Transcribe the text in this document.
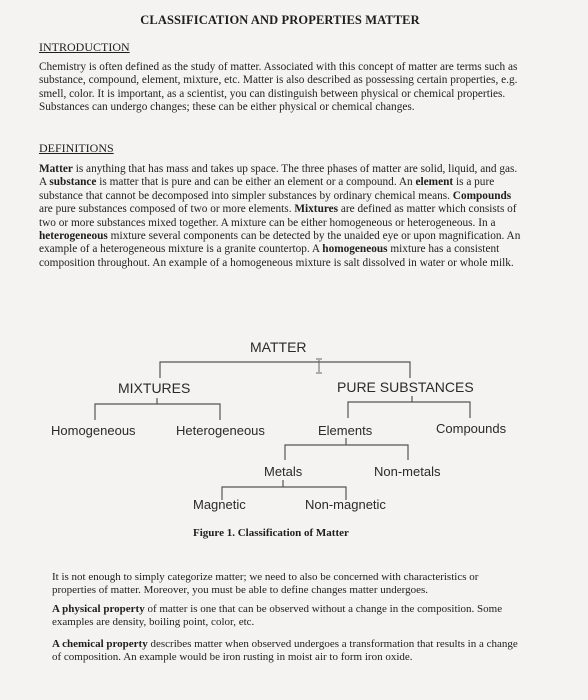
CLASSIFICATION AND PROPERTIES MATTER
INTRODUCTION
Chemistry is often defined as the study of matter. Associated with this concept of matter are terms such as substance, compound, element, mixture, etc. Matter is also described as possessing certain properties, e.g. smell, color. It is important, as a scientist, you can distinguish between physical or chemical properties. Substances can undergo changes; these can be either physical or chemical changes.
DEFINITIONS
Matter is anything that has mass and takes up space. The three phases of matter are solid, liquid, and gas. A substance is matter that is pure and can be either an element or a compound. An element is a pure substance that cannot be decomposed into simpler substances by ordinary chemical means. Compounds are pure substances composed of two or more elements. Mixtures are defined as matter which consists of two or more substances mixed together. A mixture can be either homogeneous or heterogeneous. In a heterogeneous mixture several components can be detected by the unaided eye or upon magnification. An example of a heterogeneous mixture is a granite countertop. A homogeneous mixture has a consistent composition throughout. An example of a homogeneous mixture is salt dissolved in water or whole milk.
MATTER
MIXTURES	PURE SUBSTANCES
Homogeneous	Heterogeneous	Elements	Compounds
Metals	Non-metals
Magnetic	Non-magnetic
Figure 1. Classification of Matter
It is not enough to simply categorize matter; we need to also be concerned with characteristics or properties of matter. Moreover, you must be able to define changes matter undergoes.
A physical property of matter is one that can be observed without a change in the composition. Some examples are density, boiling point, color, etc.
A chemical property describes matter when observed undergoes a transformation that results in a change of composition. An example would be iron rusting in moist air to form iron oxide.
